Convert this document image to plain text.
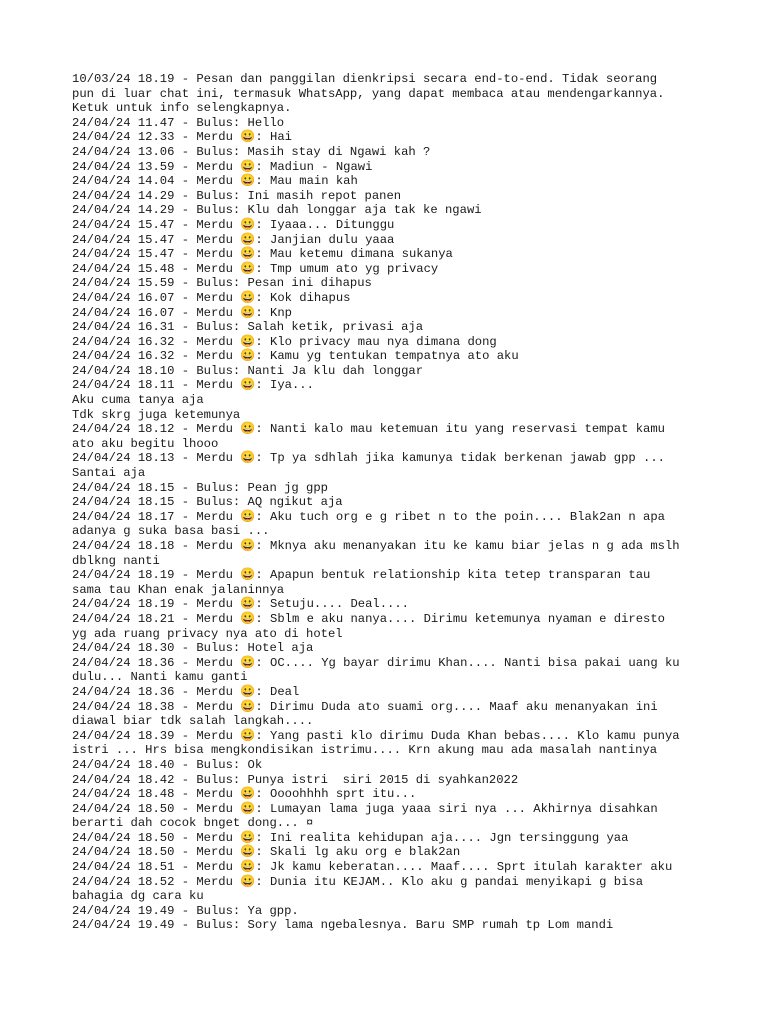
10/03/24 18.19 - Pesan dan panggilan dienkripsi secara end-to-end. Tidak seorang
pun di luar chat ini, termasuk WhatsApp, yang dapat membaca atau mendengarkannya.
Ketuk untuk info selengkapnya.
24/04/24 11.47 - Bulus: Hello
24/04/24 12.33 - Merdu 😀: Hai
24/04/24 13.06 - Bulus: Masih stay di Ngawi kah ?
24/04/24 13.59 - Merdu 😀: Madiun - Ngawi
24/04/24 14.04 - Merdu 😀: Mau main kah
24/04/24 14.29 - Bulus: Ini masih repot panen
24/04/24 14.29 - Bulus: Klu dah longgar aja tak ke ngawi
24/04/24 15.47 - Merdu 😀: Iyaaa... Ditunggu
24/04/24 15.47 - Merdu 😀: Janjian dulu yaaa
24/04/24 15.47 - Merdu 😀: Mau ketemu dimana sukanya
24/04/24 15.48 - Merdu 😀: Tmp umum ato yg privacy
24/04/24 15.59 - Bulus: Pesan ini dihapus
24/04/24 16.07 - Merdu 😀: Kok dihapus
24/04/24 16.07 - Merdu 😀: Knp
24/04/24 16.31 - Bulus: Salah ketik, privasi aja
24/04/24 16.32 - Merdu 😀: Klo privacy mau nya dimana dong
24/04/24 16.32 - Merdu 😀: Kamu yg tentukan tempatnya ato aku
24/04/24 18.10 - Bulus: Nanti Ja klu dah longgar
24/04/24 18.11 - Merdu 😀: Iya...
Aku cuma tanya aja
Tdk skrg juga ketemunya
24/04/24 18.12 - Merdu 😀: Nanti kalo mau ketemuan itu yang reservasi tempat kamu
ato aku begitu lhooo
24/04/24 18.13 - Merdu 😀: Tp ya sdhlah jika kamunya tidak berkenan jawab gpp ...
Santai aja
24/04/24 18.15 - Bulus: Pean jg gpp
24/04/24 18.15 - Bulus: AQ ngikut aja
24/04/24 18.17 - Merdu 😀: Aku tuch org e g ribet n to the poin.... Blak2an n apa
adanya g suka basa basi ...
24/04/24 18.18 - Merdu 😀: Mknya aku menanyakan itu ke kamu biar jelas n g ada mslh
dblkng nanti
24/04/24 18.19 - Merdu 😀: Apapun bentuk relationship kita tetep transparan tau
sama tau Khan enak jalaninnya
24/04/24 18.19 - Merdu 😀: Setuju.... Deal....
24/04/24 18.21 - Merdu 😀: Sblm e aku nanya.... Dirimu ketemunya nyaman e diresto
yg ada ruang privacy nya ato di hotel
24/04/24 18.30 - Bulus: Hotel aja
24/04/24 18.36 - Merdu 😀: OC.... Yg bayar dirimu Khan.... Nanti bisa pakai uang ku
dulu... Nanti kamu ganti
24/04/24 18.36 - Merdu 😀: Deal
24/04/24 18.38 - Merdu 😀: Dirimu Duda ato suami org.... Maaf aku menanyakan ini
diawal biar tdk salah langkah....
24/04/24 18.39 - Merdu 😀: Yang pasti klo dirimu Duda Khan bebas.... Klo kamu punya
istri ... Hrs bisa mengkondisikan istrimu.... Krn akung mau ada masalah nantinya
24/04/24 18.40 - Bulus: Ok
24/04/24 18.42 - Bulus: Punya istri  siri 2015 di syahkan2022
24/04/24 18.48 - Merdu 😀: Oooohhhh sprt itu...
24/04/24 18.50 - Merdu 😀: Lumayan lama juga yaaa siri nya ... Akhirnya disahkan
berarti dah cocok bnget dong... ¤
24/04/24 18.50 - Merdu 😀: Ini realita kehidupan aja.... Jgn tersinggung yaa
24/04/24 18.50 - Merdu 😀: Skali lg aku org e blak2an
24/04/24 18.51 - Merdu 😀: Jk kamu keberatan.... Maaf.... Sprt itulah karakter aku
24/04/24 18.52 - Merdu 😀: Dunia itu KEJAM.. Klo aku g pandai menyikapi g bisa
bahagia dg cara ku
24/04/24 19.49 - Bulus: Ya gpp.
24/04/24 19.49 - Bulus: Sory lama ngebalesnya. Baru SMP rumah tp Lom mandi
